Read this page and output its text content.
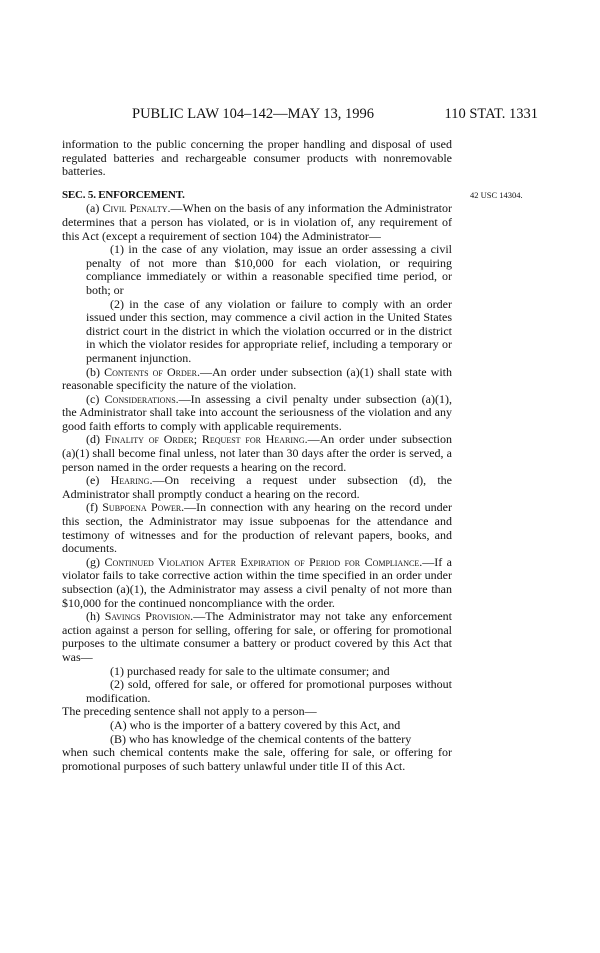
PUBLIC LAW 104–142—MAY 13, 1996	110 STAT. 1331

information to the public concerning the proper handling and disposal of used regulated batteries and rechargeable consumer products with nonremovable batteries.

SEC. 5. ENFORCEMENT.	42 USC 14304.

(a) Civil Penalty.—When on the basis of any information the Administrator determines that a person has violated, or is in violation of, any requirement of this Act (except a requirement of section 104) the Administrator—

(1) in the case of any violation, may issue an order assessing a civil penalty of not more than $10,000 for each violation, or requiring compliance immediately or within a reasonable specified time period, or both; or

(2) in the case of any violation or failure to comply with an order issued under this section, may commence a civil action in the United States district court in the district in which the violation occurred or in the district in which the violator resides for appropriate relief, including a temporary or permanent injunction.

(b) Contents of Order.—An order under subsection (a)(1) shall state with reasonable specificity the nature of the violation.

(c) Considerations.—In assessing a civil penalty under subsection (a)(1), the Administrator shall take into account the seriousness of the violation and any good faith efforts to comply with applicable requirements.

(d) Finality of Order; Request for Hearing.—An order under subsection (a)(1) shall become final unless, not later than 30 days after the order is served, a person named in the order requests a hearing on the record.

(e) Hearing.—On receiving a request under subsection (d), the Administrator shall promptly conduct a hearing on the record.

(f) Subpoena Power.—In connection with any hearing on the record under this section, the Administrator may issue subpoenas for the attendance and testimony of witnesses and for the production of relevant papers, books, and documents.

(g) Continued Violation After Expiration of Period for Compliance.—If a violator fails to take corrective action within the time specified in an order under subsection (a)(1), the Administrator may assess a civil penalty of not more than $10,000 for the continued noncompliance with the order.

(h) Savings Provision.—The Administrator may not take any enforcement action against a person for selling, offering for sale, or offering for promotional purposes to the ultimate consumer a battery or product covered by this Act that was—

(1) purchased ready for sale to the ultimate consumer; and

(2) sold, offered for sale, or offered for promotional purposes without modification.

The preceding sentence shall not apply to a person—

(A) who is the importer of a battery covered by this Act, and

(B) who has knowledge of the chemical contents of the battery

when such chemical contents make the sale, offering for sale, or offering for promotional purposes of such battery unlawful under title II of this Act.
